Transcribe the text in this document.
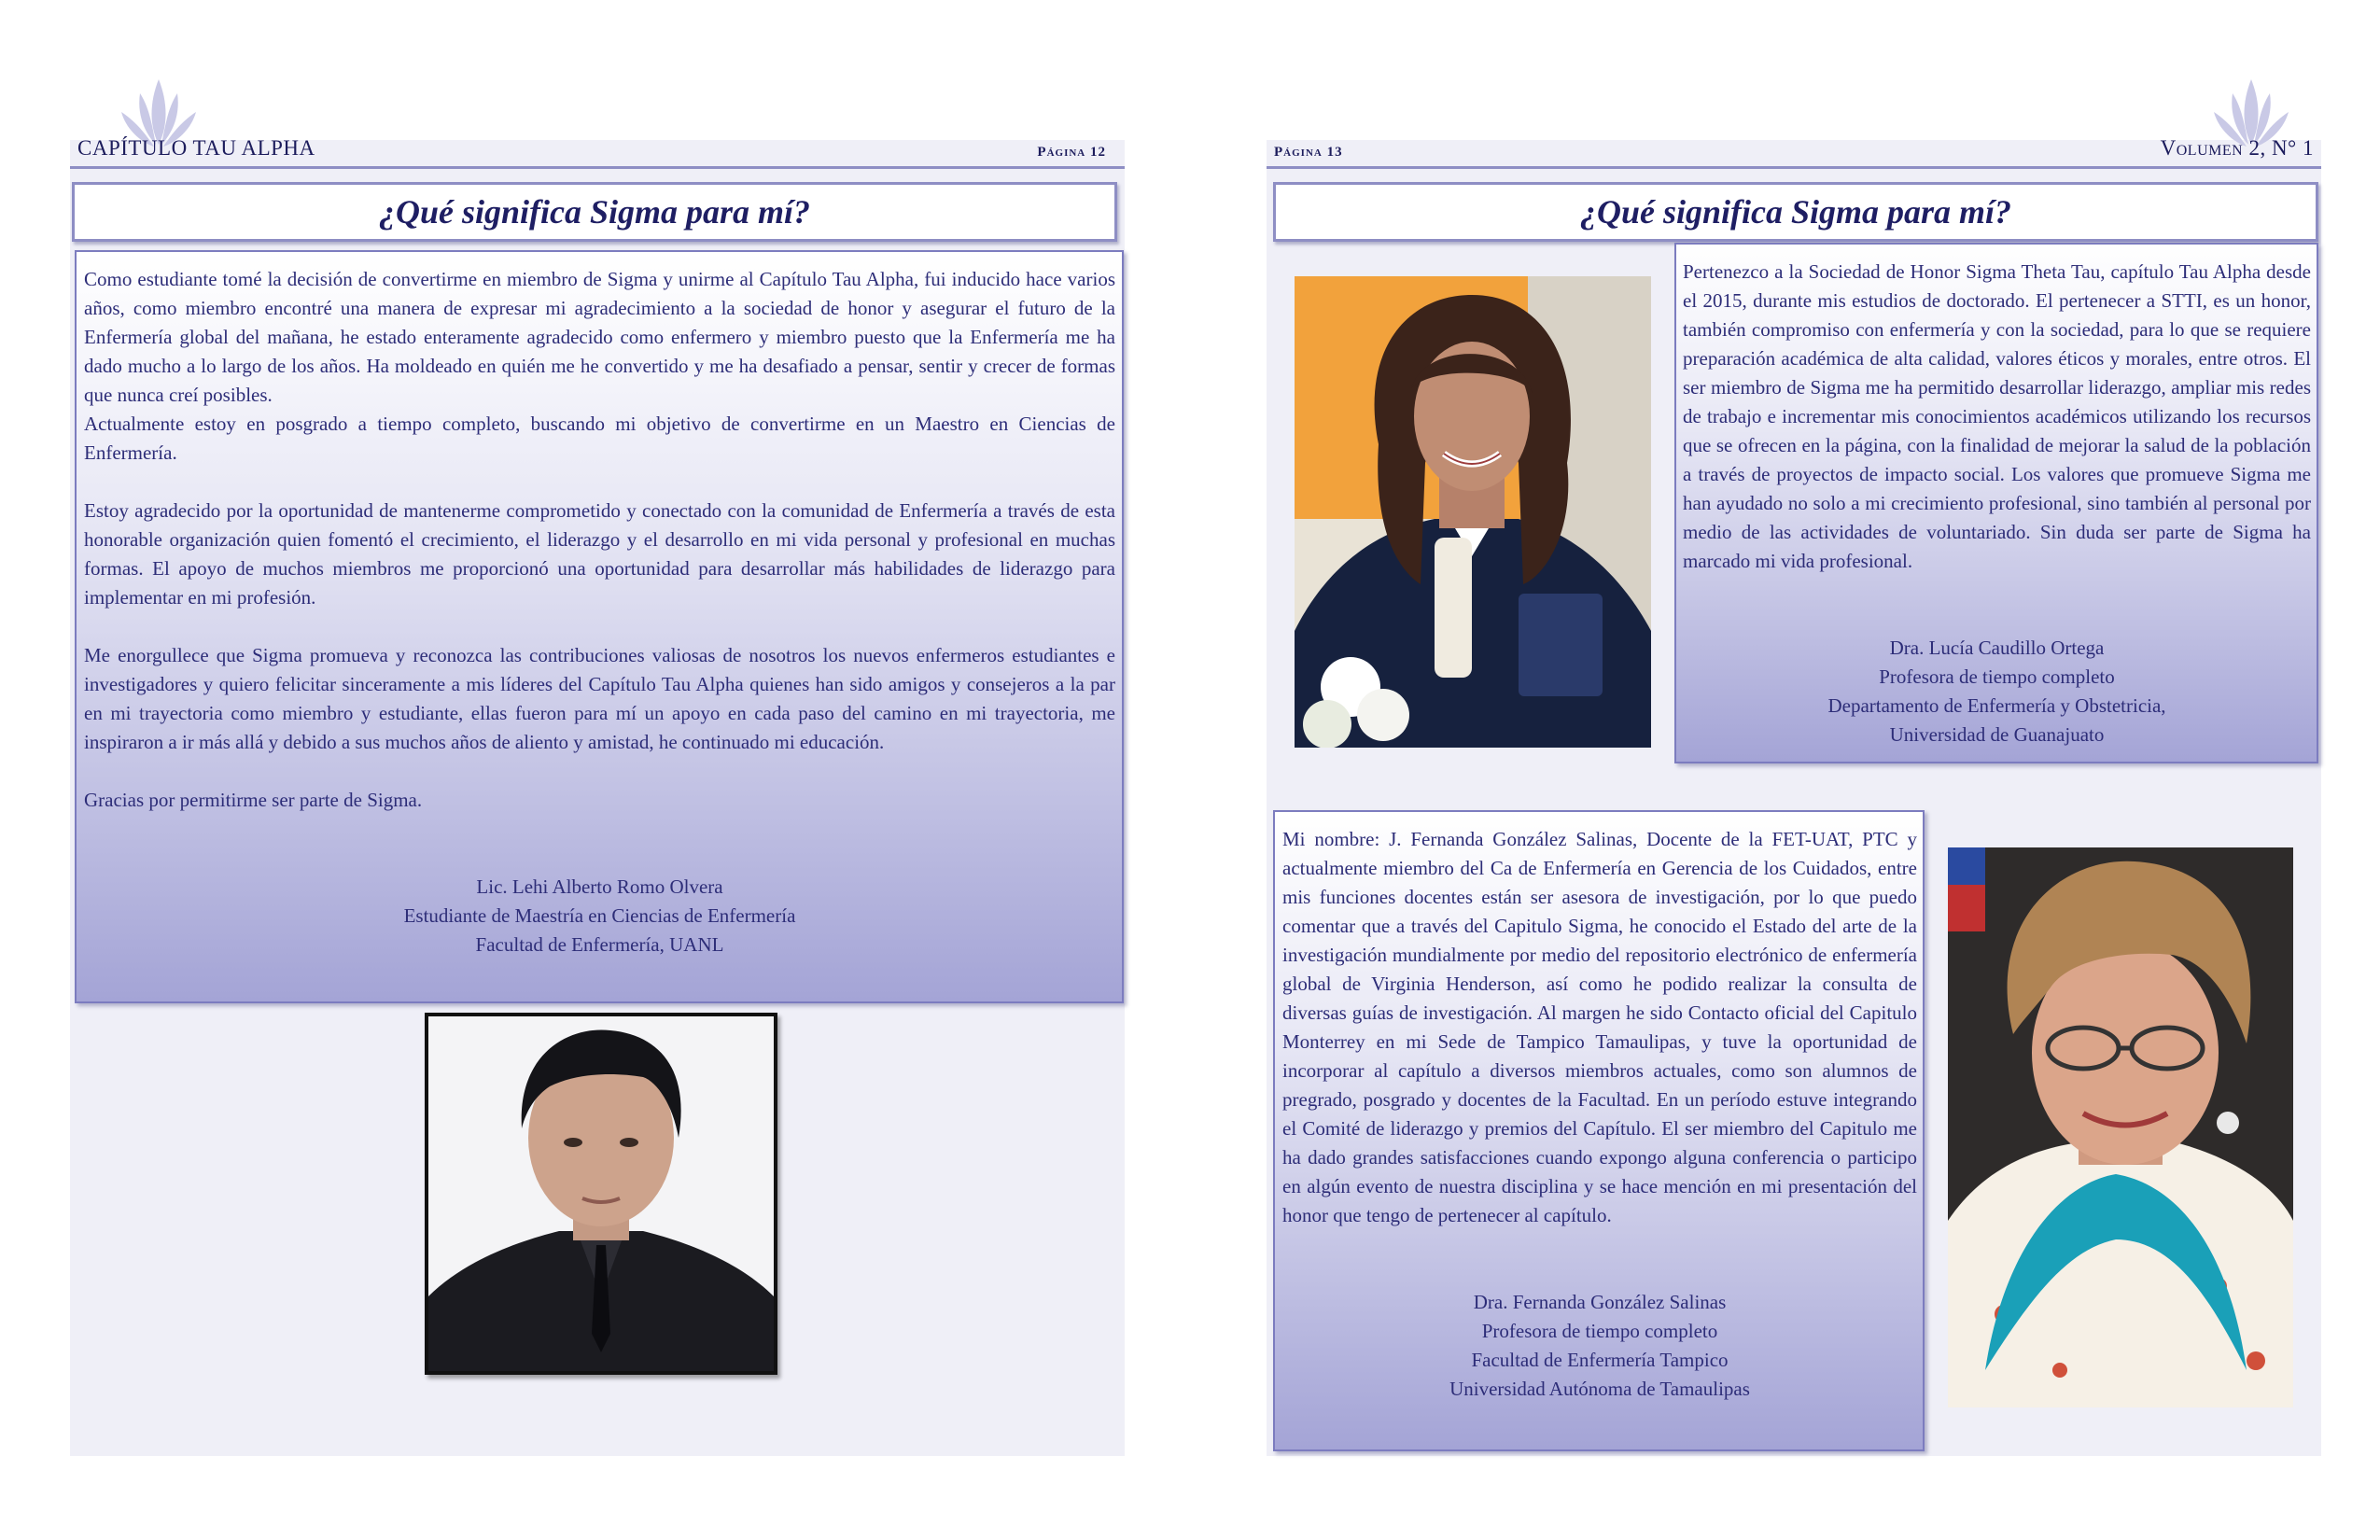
CAPÍTULO TAU ALPHA	Página 12
¿Qué significa Sigma para mí?

Como estudiante tomé la decisión de convertirme en miembro de Sigma y unirme al Capítulo Tau Alpha, fui inducido hace varios años, como miembro encontré una manera de expresar mi agradecimiento a la sociedad de honor y asegurar el futuro de la Enfermería global del mañana, he estado enteramente agradecido como enfermero y miembro puesto que la Enfermería me ha dado mucho a lo largo de los años. Ha moldeado en quién me he convertido y me ha desafiado a pensar, sentir y crecer de formas que nunca creí posibles.

Actualmente estoy en posgrado a tiempo completo, buscando mi objetivo de convertirme en un Maestro en Ciencias de Enfermería.

Estoy agradecido por la oportunidad de mantenerme comprometido y conectado con la comunidad de Enfermería a través de esta honorable organización quien fomentó el crecimiento, el liderazgo y el desarrollo en mi vida personal y profesional en muchas formas. El apoyo de muchos miembros me proporcionó una oportunidad para desarrollar más habilidades de liderazgo para implementar en mi profesión.

Me enorgullece que Sigma promueva y reconozca las contribuciones valiosas de nosotros los nuevos enfermeros estudiantes e investigadores y quiero felicitar sinceramente a mis líderes del Capítulo Tau Alpha quienes han sido amigos y consejeros a la par en mi trayectoria como miembro y estudiante, ellas fueron para mí un apoyo en cada paso del camino en mi trayectoria, me inspiraron a ir más allá y debido a sus muchos años de aliento y amistad, he continuado mi educación.

Gracias por permitirme ser parte de Sigma.

Lic. Lehi Alberto Romo Olvera
Estudiante de Maestría en Ciencias de Enfermería
Facultad de Enfermería, UANL
Página 13	Volumen 2, N° 1
¿Qué significa Sigma para mí?

Pertenezco a la Sociedad de Honor Sigma Theta Tau, capítulo Tau Alpha desde el 2015, durante mis estudios de doctorado. El pertenecer a STTI, es un honor, también compromiso con enfermería y con la sociedad, para lo que se requiere preparación académica de alta calidad, valores éticos y morales, entre otros. El ser miembro de Sigma me ha permitido desarrollar liderazgo, ampliar mis redes de trabajo e incrementar mis conocimientos académicos utilizando los recursos que se ofrecen en la página, con la finalidad de mejorar la salud de la población a través de proyectos de impacto social. Los valores que promueve Sigma me han ayudado no solo a mi crecimiento profesional, sino también al personal por medio de las actividades de voluntariado. Sin duda ser parte de Sigma ha marcado mi vida profesional.

Dra. Lucía Caudillo Ortega
Profesora de tiempo completo
Departamento de Enfermería y Obstetricia,
Universidad de Guanajuato

Mi nombre: J. Fernanda González Salinas, Docente de la FET-UAT, PTC y actualmente miembro del Ca de Enfermería en Gerencia de los Cuidados, entre mis funciones docentes están ser asesora de investigación, por lo que puedo comentar que a través del Capitulo Sigma, he conocido el Estado del arte de la investigación mundialmente por medio del repositorio electrónico de enfermería global de Virginia Henderson, así como he podido realizar la consulta de diversas guías de investigación. Al margen he sido Contacto oficial del Capitulo Monterrey en mi Sede de Tampico Tamaulipas, y tuve la oportunidad de incorporar al capítulo a diversos miembros actuales, como son alumnos de pregrado, posgrado y docentes de la Facultad. En un período estuve integrando el Comité de liderazgo y premios del Capítulo. El ser miembro del Capitulo me ha dado grandes satisfacciones cuando expongo alguna conferencia o participo en algún evento de nuestra disciplina y se hace mención en mi presentación del honor que tengo de pertenecer al capítulo.

Dra. Fernanda González Salinas
Profesora de tiempo completo
Facultad de Enfermería Tampico
Universidad Autónoma de Tamaulipas
